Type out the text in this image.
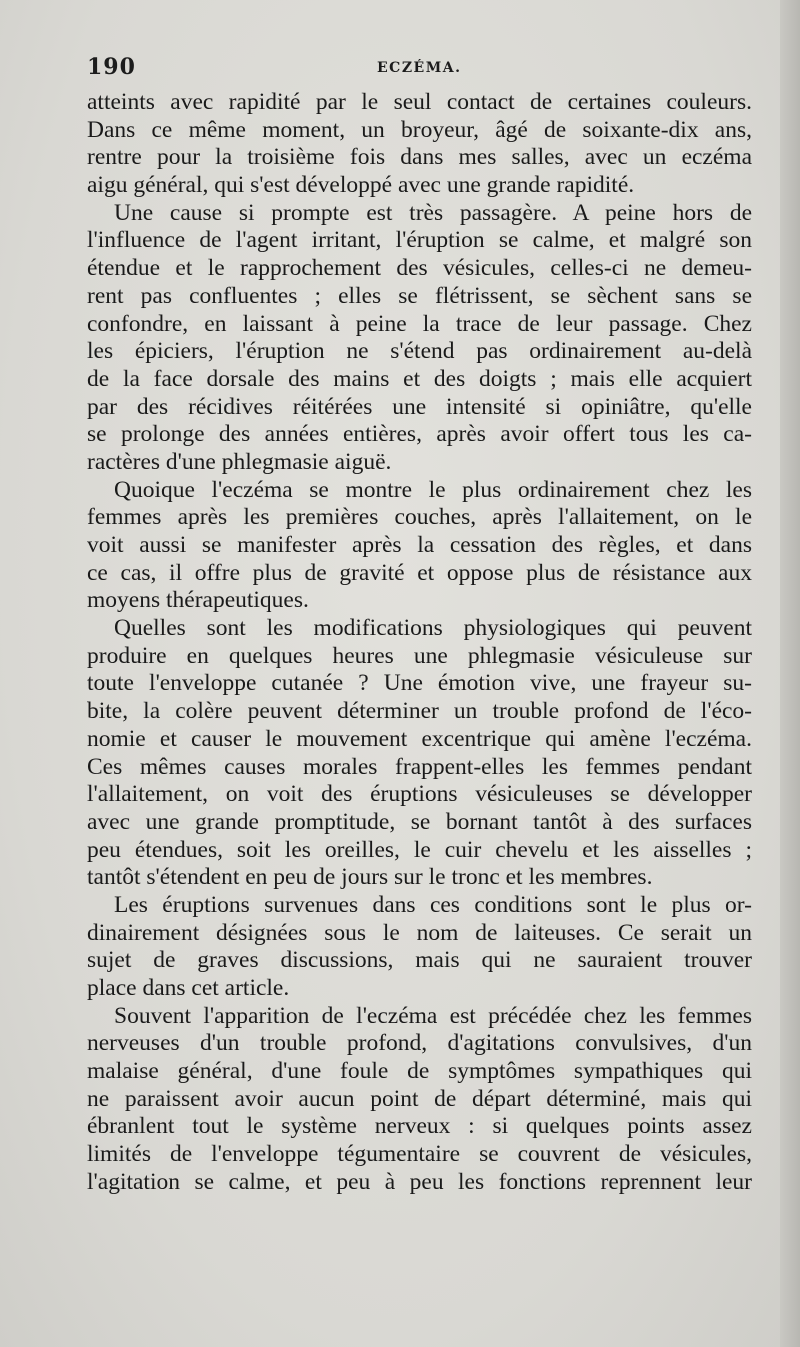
190	ECZÉMA.
atteints avec rapidité par le seul contact de certaines couleurs.
Dans ce même moment, un broyeur, âgé de soixante-dix ans,
rentre pour la troisième fois dans mes salles, avec un eczéma
aigu général, qui s'est développé avec une grande rapidité.
Une cause si prompte est très passagère. A peine hors de
l'influence de l'agent irritant, l'éruption se calme, et malgré son
étendue et le rapprochement des vésicules, celles-ci ne demeu-
rent pas confluentes ; elles se flétrissent, se sèchent sans se
confondre, en laissant à peine la trace de leur passage. Chez
les épiciers, l'éruption ne s'étend pas ordinairement au-delà
de la face dorsale des mains et des doigts ; mais elle acquiert
par des récidives réitérées une intensité si opiniâtre, qu'elle
se prolonge des années entières, après avoir offert tous les ca-
ractères d'une phlegmasie aiguë.
Quoique l'eczéma se montre le plus ordinairement chez les
femmes après les premières couches, après l'allaitement, on le
voit aussi se manifester après la cessation des règles, et dans
ce cas, il offre plus de gravité et oppose plus de résistance aux
moyens thérapeutiques.
Quelles sont les modifications physiologiques qui peuvent
produire en quelques heures une phlegmasie vésiculeuse sur
toute l'enveloppe cutanée ? Une émotion vive, une frayeur su-
bite, la colère peuvent déterminer un trouble profond de l'éco-
nomie et causer le mouvement excentrique qui amène l'eczéma.
Ces mêmes causes morales frappent-elles les femmes pendant
l'allaitement, on voit des éruptions vésiculeuses se développer
avec une grande promptitude, se bornant tantôt à des surfaces
peu étendues, soit les oreilles, le cuir chevelu et les aisselles ;
tantôt s'étendent en peu de jours sur le tronc et les membres.
Les éruptions survenues dans ces conditions sont le plus or-
dinairement désignées sous le nom de laiteuses. Ce serait un
sujet de graves discussions, mais qui ne sauraient trouver
place dans cet article.
Souvent l'apparition de l'eczéma est précédée chez les femmes
nerveuses d'un trouble profond, d'agitations convulsives, d'un
malaise général, d'une foule de symptômes sympathiques qui
ne paraissent avoir aucun point de départ déterminé, mais qui
ébranlent tout le système nerveux : si quelques points assez
limités de l'enveloppe tégumentaire se couvrent de vésicules,
l'agitation se calme, et peu à peu les fonctions reprennent leur
